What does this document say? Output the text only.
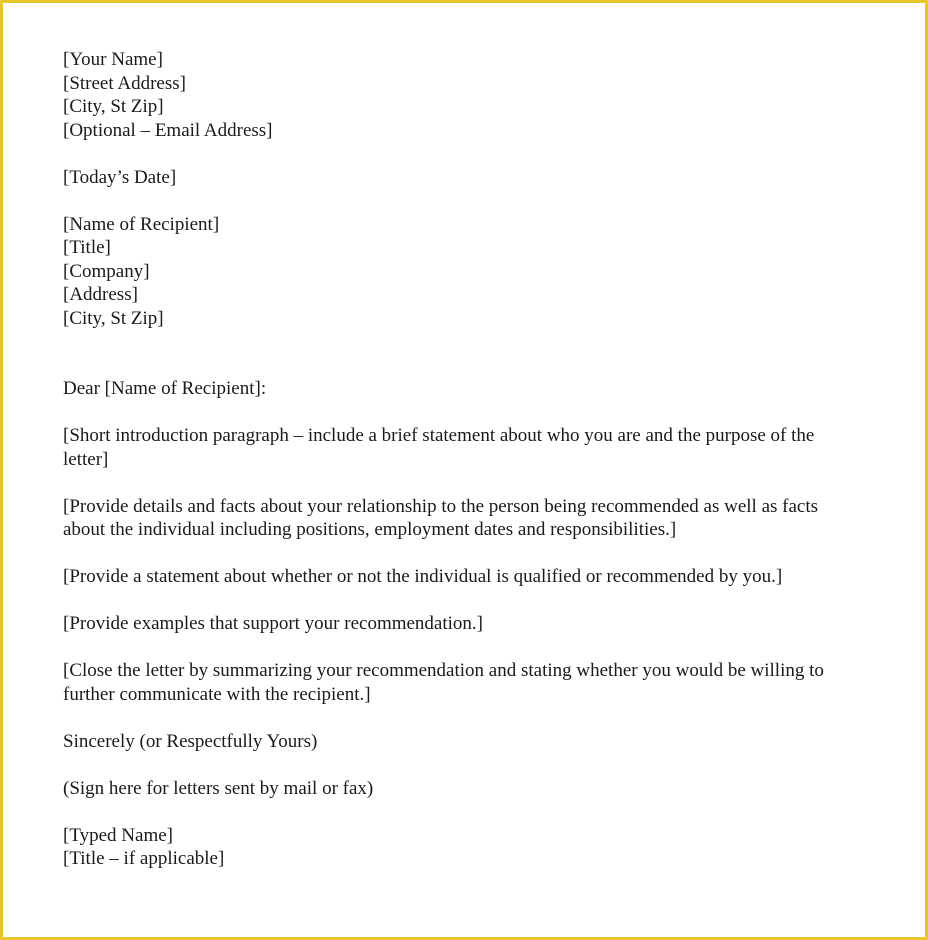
[Your Name]
[Street Address]
[City, St Zip]
[Optional – Email Address]
[Today’s Date]
[Name of Recipient]
[Title]
[Company]
[Address]
[City, St Zip]
Dear [Name of Recipient]:

[Short introduction paragraph – include a brief statement about who you are and the purpose of the letter]

[Provide details and facts about your relationship to the person being recommended as well as facts about the individual including positions, employment dates and responsibilities.]

[Provide a statement about whether or not the individual is qualified or recommended by you.]

[Provide examples that support your recommendation.]

[Close the letter by summarizing your recommendation and stating whether you would be willing to further communicate with the recipient.]

Sincerely (or Respectfully Yours)
(Sign here for letters sent by mail or fax)
[Typed Name]
[Title – if applicable]
